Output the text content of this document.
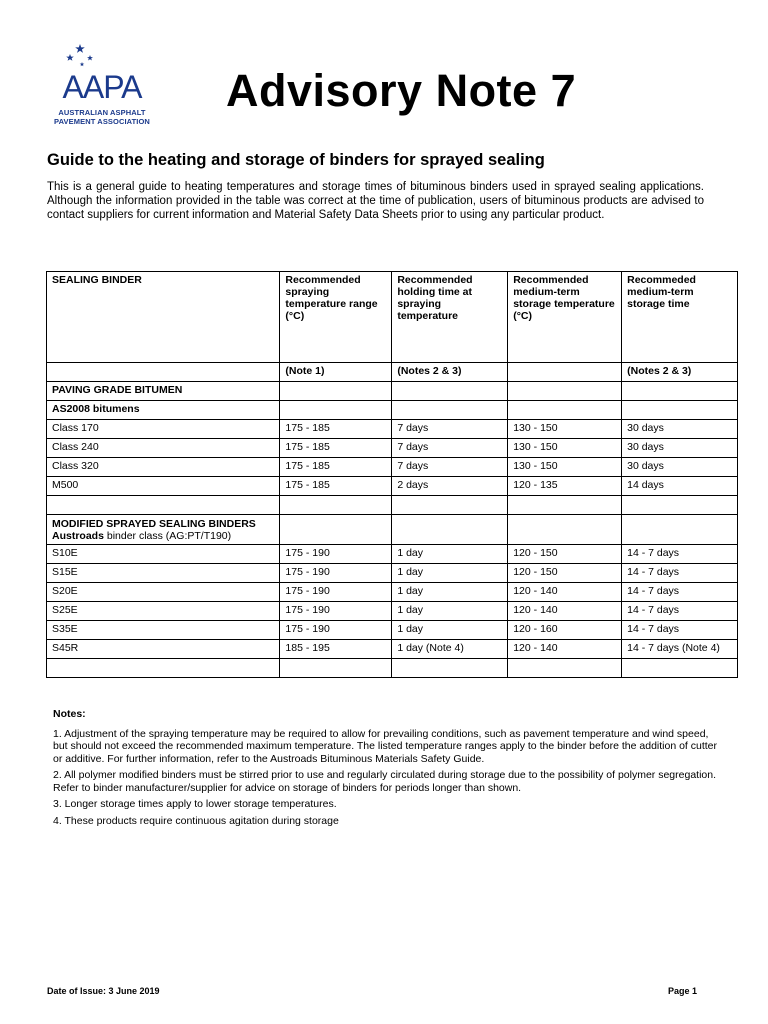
AAPA
AUSTRALIAN ASPHALT
PAVEMENT ASSOCIATION
Advisory Note 7
Guide to the heating and storage of binders for sprayed sealing
This is a general guide to heating temperatures and storage times of bituminous binders used in sprayed sealing applications. Although the information provided in the table was correct at the time of publication, users of bituminous products are advised to contact suppliers for current information and Material Safety Data Sheets prior to using any particular product.
SEALING BINDER	Recommended spraying temperature range (°C)	Recommended holding time at spraying temperature	Recommended medium-term storage temperature (°C)	Recommeded medium-term storage time
	(Note 1)	(Notes 2 & 3)		(Notes 2 & 3)
PAVING GRADE BITUMEN				
AS2008 bitumens				
Class 170	175 - 185	7 days	130 - 150	30 days
Class 240	175 - 185	7 days	130 - 150	30 days
Class 320	175 - 185	7 days	130 - 150	30 days
M500	175 - 185	2 days	120 - 135	14 days

MODIFIED SPRAYED SEALING BINDERS
Austroads binder class (AG:PT/T190)				

S10E	175 - 190	1 day	120 - 150	14 - 7 days
S15E	175 - 190	1 day	120 - 150	14 - 7 days
S20E	175 - 190	1 day	120 - 140	14 - 7 days
S25E	175 - 190	1 day	120 - 140	14 - 7 days
S35E	175 - 190	1 day	120 - 160	14 - 7 days
S45R	185 - 195	1 day (Note 4)	120 - 140	14 - 7 days (Note 4)

Notes:

1. Adjustment of the spraying temperature may be required to allow for prevailing conditions, such as pavement temperature and wind speed, but should not exceed the recommended maximum temperature. The listed temperature ranges apply to the binder before the addition of cutter or additive. For further information, refer to the Austroads Bituminous Materials Safety Guide.

2. All polymer modified binders must be stirred prior to use and regularly circulated during storage due to the possibility of polymer segregation. Refer to binder manufacturer/supplier for advice on storage of binders for periods longer than shown.

3. Longer storage times apply to lower storage temperatures.

4. These products require continuous agitation during storage

Date of Issue: 3 June 2019	Page 1
